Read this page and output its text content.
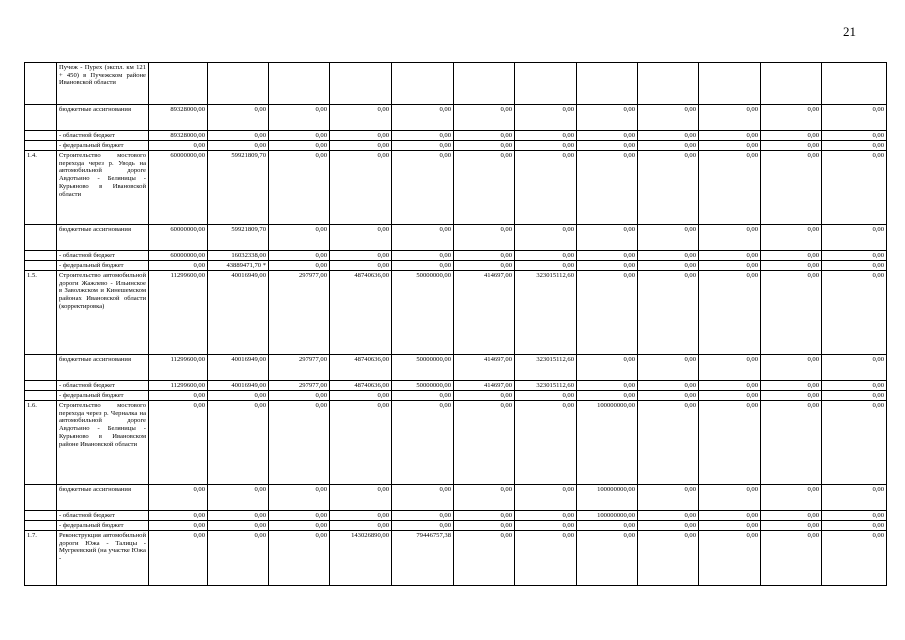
21
	Пучеж - Пурех (экспл. км 121 + 450) в Пучежском районе Ивановской области												
	бюджетные ассигнования	89328000,00	0,00	0,00	0,00	0,00	0,00	0,00	0,00	0,00	0,00	0,00	0,00
	- областной бюджет	89328000,00	0,00	0,00	0,00	0,00	0,00	0,00	0,00	0,00	0,00	0,00	0,00
	- федеральный бюджет	0,00	0,00	0,00	0,00	0,00	0,00	0,00	0,00	0,00	0,00	0,00	0,00
1.4.	Строительство мостового перехода через р. Уводь на автомобильной дороге Авдотьино - Беляницы - Курьяново в Ивановской области	60000000,00	59921809,70	0,00	0,00	0,00	0,00	0,00	0,00	0,00	0,00	0,00	0,00
	бюджетные ассигнования	60000000,00	59921809,70	0,00	0,00	0,00	0,00	0,00	0,00	0,00	0,00	0,00	0,00
	- областной бюджет	60000000,00	16032338,00	0,00	0,00	0,00	0,00	0,00	0,00	0,00	0,00	0,00	0,00
	- федеральный бюджет	0,00	43889471,70 *	0,00	0,00	0,00	0,00	0,00	0,00	0,00	0,00	0,00	0,00
1.5.	Строительство автомобильной дороги Жажлево - Ильинское в Заволжском и Кинешемском районах Ивановской области (корректировка)	11299600,00	40016949,00	297977,00	48740636,00	50000000,00	414697,00	323015112,60	0,00	0,00	0,00	0,00	0,00
	бюджетные ассигнования	11299600,00	40016949,00	297977,00	48740636,00	50000000,00	414697,00	323015112,60	0,00	0,00	0,00	0,00	0,00
	- областной бюджет	11299600,00	40016949,00	297977,00	48740636,00	50000000,00	414697,00	323015112,60	0,00	0,00	0,00	0,00	0,00
	- федеральный бюджет	0,00	0,00	0,00	0,00	0,00	0,00	0,00	0,00	0,00	0,00	0,00	0,00
1.6.	Строительство мостового перехода через р. Черналка на автомобильной дороге Авдотьино - Беляницы - Курьяново в Ивановском районе Ивановской области	0,00	0,00	0,00	0,00	0,00	0,00	0,00	100000000,00	0,00	0,00	0,00	0,00
	бюджетные ассигнования	0,00	0,00	0,00	0,00	0,00	0,00	0,00	100000000,00	0,00	0,00	0,00	0,00
	- областной бюджет	0,00	0,00	0,00	0,00	0,00	0,00	0,00	100000000,00	0,00	0,00	0,00	0,00
	- федеральный бюджет	0,00	0,00	0,00	0,00	0,00	0,00	0,00	0,00	0,00	0,00	0,00	0,00
1.7.	Реконструкция автомобильной дороги Южа - Талицы - Мугреевский (на участке Южа -	0,00	0,00	0,00	143026890,00	79446757,38	0,00	0,00	0,00	0,00	0,00	0,00	0,00
